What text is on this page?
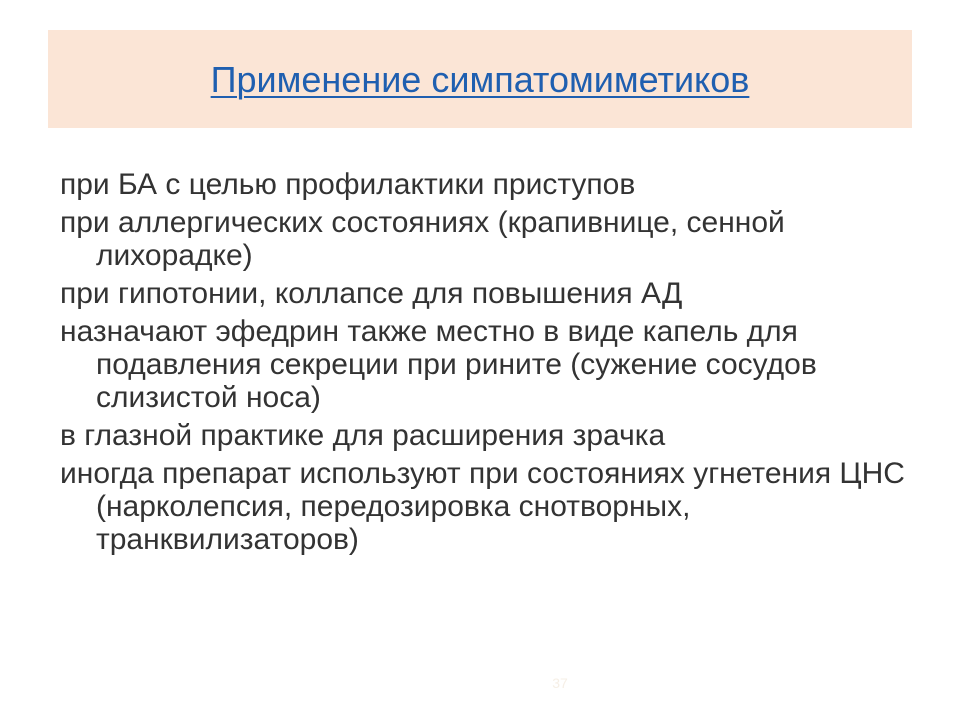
Применение симпатомиметиков
при БА с целью профилактики приступов
при аллергических состояниях (крапивнице, сенной лихорадке)
при гипотонии, коллапсе для повышения АД
назначают эфедрин также местно в виде капель для подавления секреции при рините (сужение сосудов слизистой носа)
в глазной практике для расширения зрачка
иногда препарат используют при состояниях угнетения ЦНС (нарколепсия, передозировка снотворных, транквилизаторов)
37
